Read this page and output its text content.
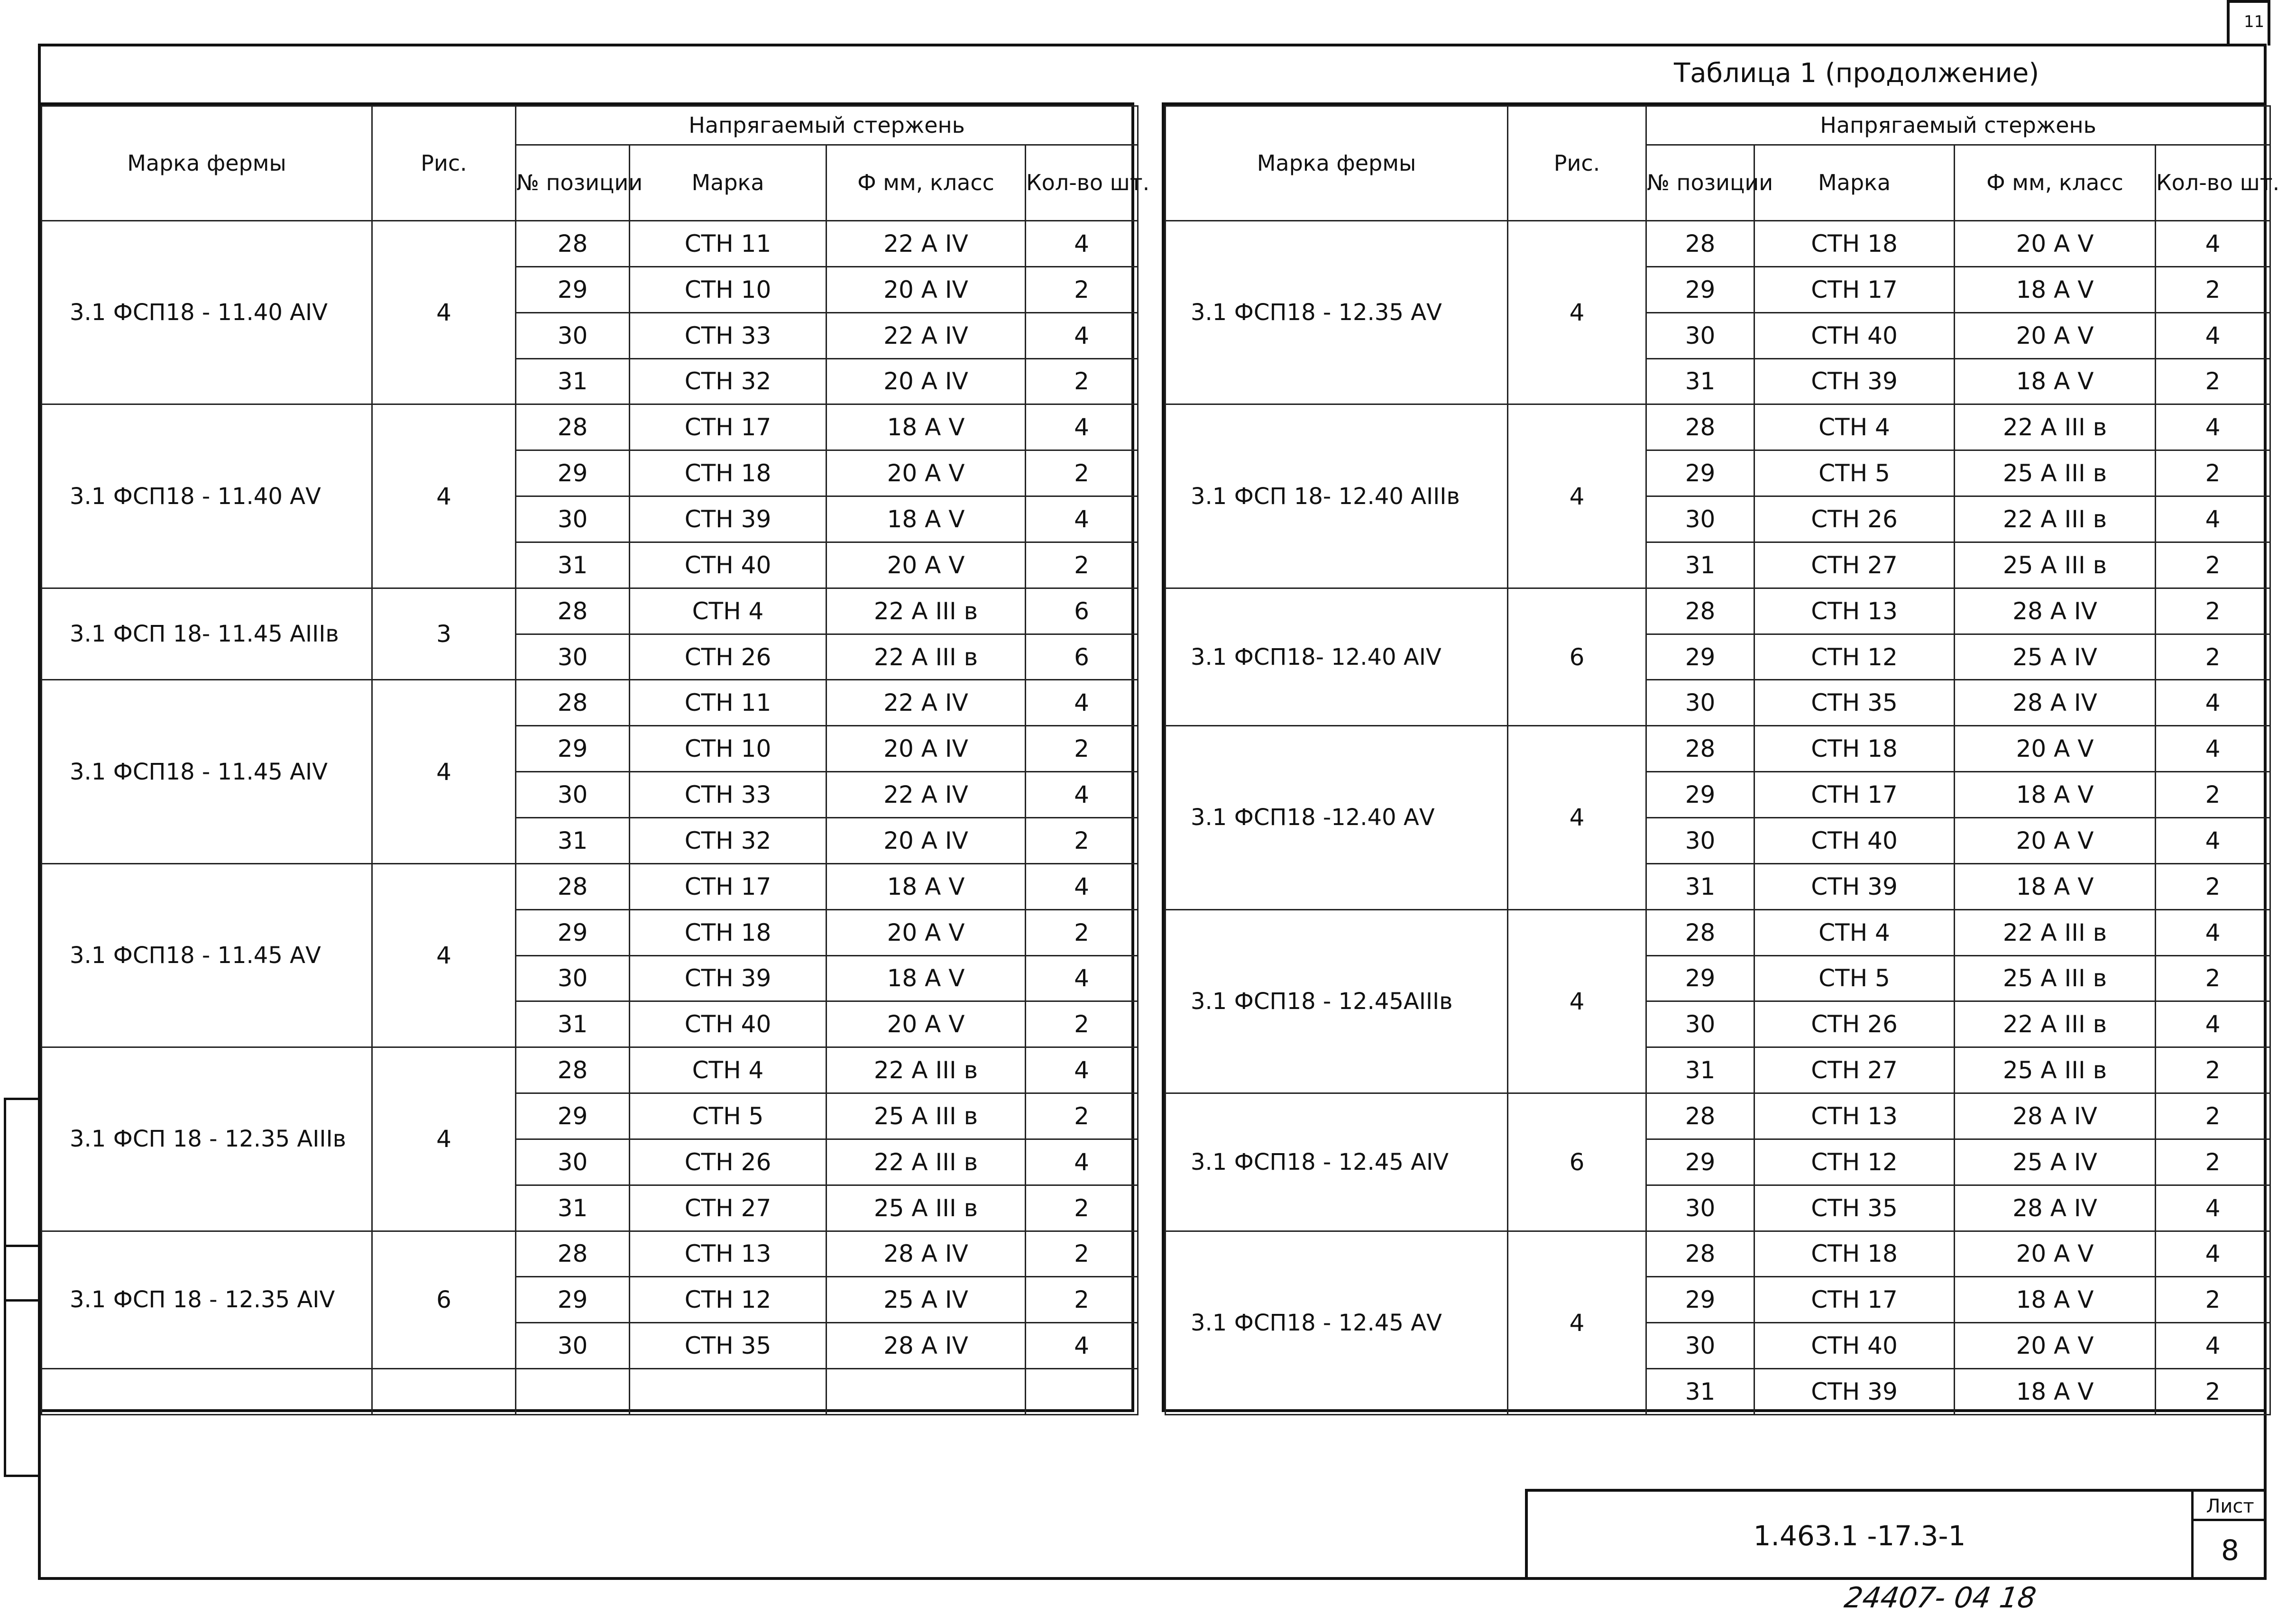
11
Таблица 1 (продолжение)
Марка фермы	Рис.	Напрягаемый стержень			
		№ позиции	Марка	Ф мм, класс	Кол-во шт.
3.1 ФСП18 - 11.40 АIV	4	28	СТН 11	22 А IV	4
		29	СТН 10	20 А IV	2
		30	СТН 33	22 А IV	4
		31	СТН 32	20 А IV	2
3.1 ФСП18 - 11.40 АV	4	28	СТН 17	18 А V	4
		29	СТН 18	20 А V	2
		30	СТН 39	18 А V	4
		31	СТН 40	20 А V	2
3.1 ФСП 18- 11.45 АIIIв	3	28	СТН 4	22 А III в	6
		30	СТН 26	22 А III в	6
3.1 ФСП18 - 11.45 АIV	4	28	СТН 11	22 А IV	4
		29	СТН 10	20 А IV	2
		30	СТН 33	22 А IV	4
		31	СТН 32	20 А IV	2
3.1 ФСП18 - 11.45 АV	4	28	СТН 17	18 А V	4
		29	СТН 18	20 А V	2
		30	СТН 39	18 А V	4
		31	СТН 40	20 А V	2
3.1 ФСП 18 - 12.35 АIIIв	4	28	СТН 4	22 А III в	4
		29	СТН 5	25 А III в	2
		30	СТН 26	22 А III в	4
		31	СТН 27	25 А III в	2
3.1 ФСП 18 - 12.35 АIV	6	28	СТН 13	28 А IV	2
		29	СТН 12	25 А IV	2
		30	СТН 35	28 А IV	4

Марка фермы	Рис.	Напрягаемый стержень			
		№ позиции	Марка	Ф мм, класс	Кол-во шт.
3.1 ФСП18 - 12.35 АV	4	28	СТН 18	20 А V	4
		29	СТН 17	18 А V	2
		30	СТН 40	20 А V	4
		31	СТН 39	18 А V	2
3.1 ФСП 18- 12.40 АIIIв	4	28	СТН 4	22 А III в	4
		29	СТН 5	25 А III в	2
		30	СТН 26	22 А III в	4
		31	СТН 27	25 А III в	2
3.1 ФСП18- 12.40 АIV	6	28	СТН 13	28 А IV	2
		29	СТН 12	25 А IV	2
		30	СТН 35	28 А IV	4
3.1 ФСП18 -12.40 АV	4	28	СТН 18	20 А V	4
		29	СТН 17	18 А V	2
		30	СТН 40	20 А V	4
		31	СТН 39	18 А V	2
3.1 ФСП18 - 12.45АIIIв	4	28	СТН 4	22 А III в	4
		29	СТН 5	25 А III в	2
		30	СТН 26	22 А III в	4
		31	СТН 27	25 А III в	2
3.1 ФСП18 - 12.45 АIV	6	28	СТН 13	28 А IV	2
		29	СТН 12	25 А IV	2
		30	СТН 35	28 А IV	4
3.1 ФСП18 - 12.45 АV	4	28	СТН 18	20 А V	4
		29	СТН 17	18 А V	2
		30	СТН 40	20 А V	4
		31	СТН 39	18 А V	2
1.463.1 -17.3-1
Лист
8
24407- 04 18
